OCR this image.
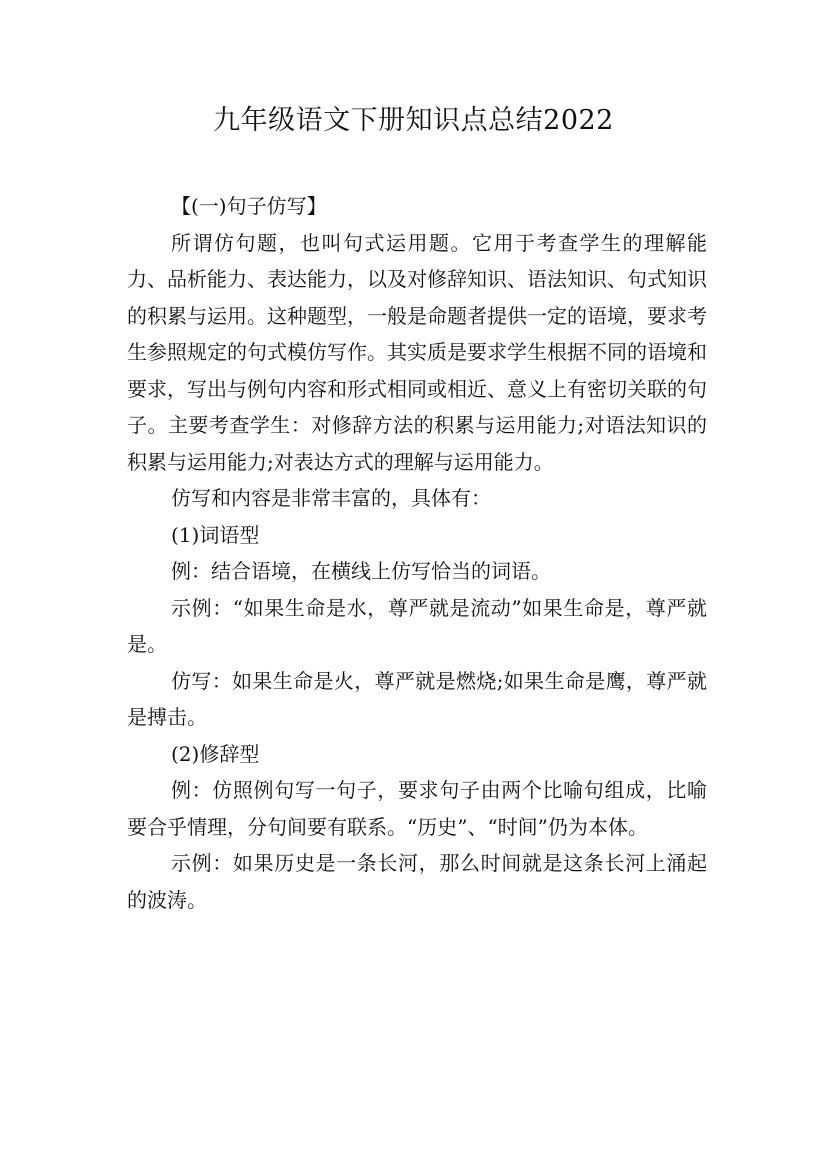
九年级语文下册知识点总结2022

【(一)句子仿写】

所谓仿句题，也叫句式运用题。它用于考查学生的理解能力、品析能力、表达能力，以及对修辞知识、语法知识、句式知识的积累与运用。这种题型，一般是命题者提供一定的语境，要求考生参照规定的句式模仿写作。其实质是要求学生根据不同的语境和要求，写出与例句内容和形式相同或相近、意义上有密切关联的句子。主要考查学生：对修辞方法的积累与运用能力;对语法知识的积累与运用能力;对表达方式的理解与运用能力。

仿写和内容是非常丰富的，具体有：

(1)词语型

例：结合语境，在横线上仿写恰当的词语。

示例：“如果生命是水，尊严就是流动”如果生命是，尊严就是。

仿写：如果生命是火，尊严就是燃烧;如果生命是鹰，尊严就是搏击。

(2)修辞型

例：仿照例句写一句子，要求句子由两个比喻句组成，比喻要合乎情理，分句间要有联系。“历史”、“时间”仍为本体。

示例：如果历史是一条长河，那么时间就是这条长河上涌起的波涛。
